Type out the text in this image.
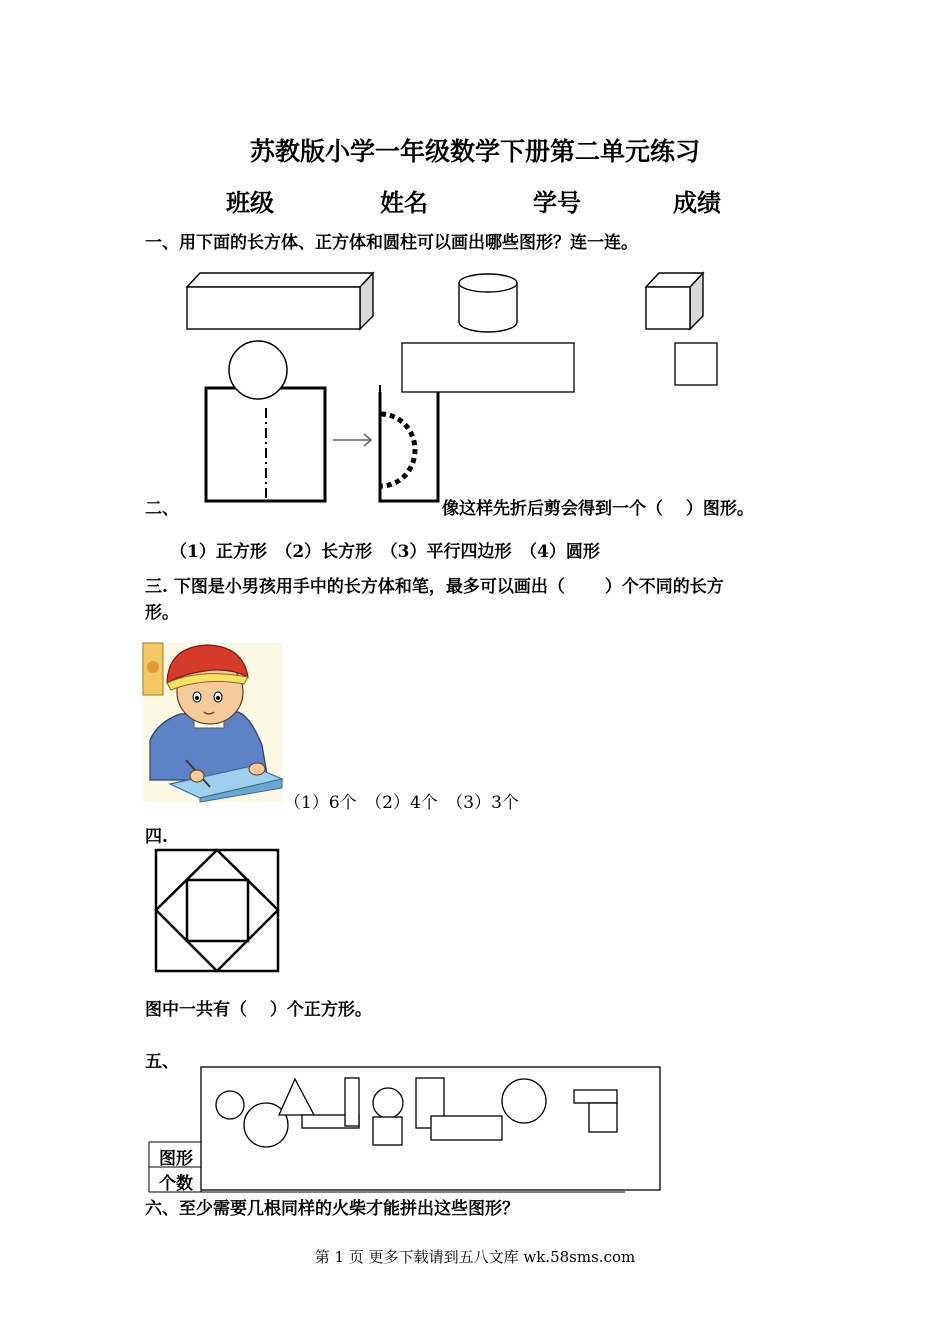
苏教版小学一年级数学下册第二单元练习
班级	姓名	学号	成绩
一、用下面的长方体、正方体和圆柱可以画出哪些图形？连一连。
二、	像这样先折后剪会得到一个（　 ）图形。
（1）正方形　（2）长方形　（3）平行四边形　（4）圆形
三. 下图是小男孩用手中的长方体和笔，最多可以画出（　　 ）个不同的长方
形。
（1）6个　（2）4个　（3）3个
四.
图中一共有（　 ）个正方形。
五、
图形
个数
六、至少需要几根同样的火柴才能拼出这些图形？
第 1 页 更多下载请到五八文库 wk.58sms.com
